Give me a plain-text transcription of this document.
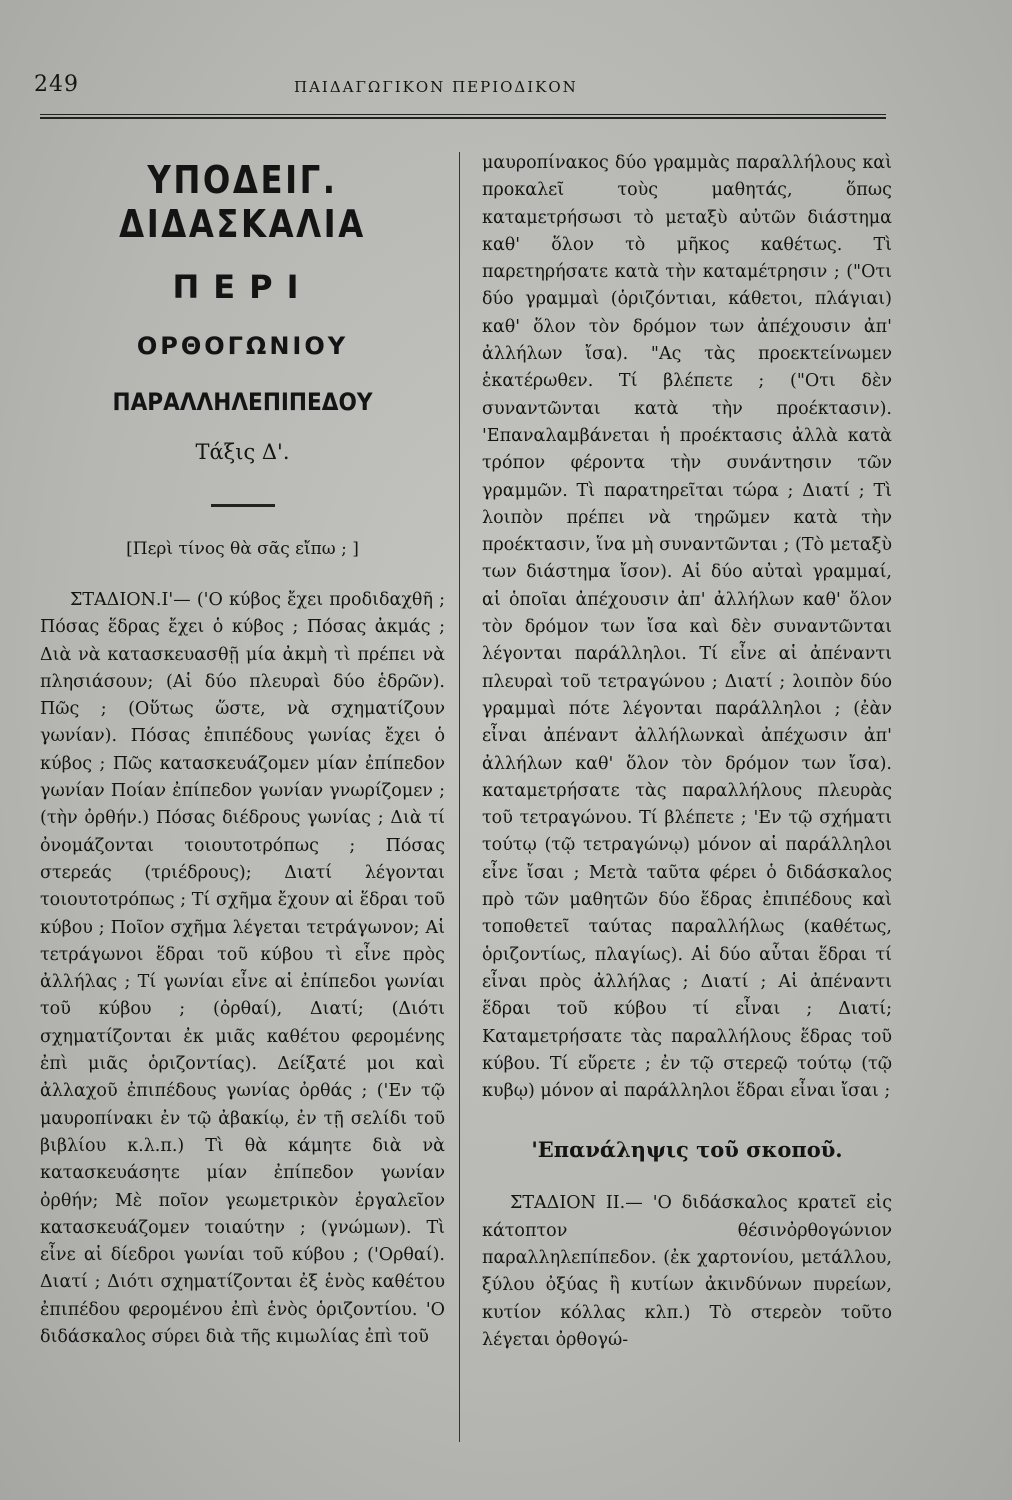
249	ΠΑΙΔΑΓΩΓΙΚΟΝ ΠΕΡΙΟΔΙΚΟΝ

ΥΠΟΔΕΙΓ. ΔΙΔΑΣΚΑΛΙΑ

ΠΕΡΙ

ΟΡΘΟΓΩΝΙΟΥ

ΠΑΡΑΛΛΗΛΕΠΙΠΕΔΟΥ

Τάξις Δ'.

[Περὶ τίνος θὰ σᾶς εἴπω ; ]

ΣΤΑΔΙΟΝ.Ι'— ('Ο κύβος ἔχει προδιδαχθῆ ; Πόσας ἕδρας ἔχει ὁ κύβος ; Πόσας ἀκμάς ; Διὰ νὰ κατασκευασθῇ μία ἀκμὴ τὶ πρέπει νὰ πλησιάσουν; (Αἱ δύο πλευραὶ δύο ἑδρῶν). Πῶς ; (Οὕτως ὥστε, νὰ σχηματίζουν γωνίαν). Πόσας ἐπιπέδους γωνίας ἔχει ὁ κύβος ; Πῶς κατασκευάζομεν μίαν ἐπίπεδον γωνίαν Ποίαν ἐπίπεδον γωνίαν γνωρίζομεν ; (τὴν ὀρθήν.) Πόσας διέδρους γωνίας ; Διὰ τί ὀνομάζονται τοιουτοτρόπως ; Πόσας στερεάς (τριέδρους); Διατί λέγονται τοιουτοτρόπως ; Τί σχῆμα ἔχουν αἱ ἕδραι τοῦ κύβου ; Ποῖον σχῆμα λέγεται τετράγωνον; Αἱ τετράγωνοι ἕδραι τοῦ κύβου τὶ εἶνε πρὸς ἀλλήλας ; Τί γωνίαι εἶνε αἱ ἐπίπεδοι γωνίαι τοῦ κύβου ; (ὀρθαί), Διατί; (Διότι σχηματίζονται ἐκ μιᾶς καθέτου φερομένης ἐπὶ μιᾶς ὁριζοντίας). Δείξατέ μοι καὶ ἀλλαχοῦ ἐπιπέδους γωνίας ὀρθάς ; ('Εν τῷ μαυροπίνακι ἐν τῷ ἀβακίῳ, ἐν τῇ σελίδι τοῦ βιβλίου κ.λ.π.) Τὶ θὰ κάμητε διὰ νὰ κατασκευάσητε μίαν ἐπίπεδον γωνίαν ὀρθήν; Μὲ ποῖον γεωμετρικὸν ἐργαλεῖον κατασκευάζομεν τοιαύτην ; (γνώμων). Τὶ εἶνε αἱ δίεδροι γωνίαι τοῦ κύβου ; ('Ορθαί). Διατί ; Διότι σχηματίζονται ἐξ ἑνὸς καθέτου ἐπιπέδου φερομένου ἐπὶ ἑνὸς ὁριζοντίου. 'Ο διδάσκαλος σύρει διὰ τῆς κιμωλίας ἐπὶ τοῦ

μαυροπίνακος δύο γραμμὰς παραλλήλους καὶ προκαλεῖ τοὺς μαθητάς, ὅπως καταμετρήσωσι τὸ μεταξὺ αὐτῶν διάστημα καθ' ὅλον τὸ μῆκος καθέτως. Τὶ παρετηρήσατε κατὰ τὴν καταμέτρησιν ; ("Οτι δύο γραμμαὶ (ὁριζόντιαι, κάθετοι, πλάγιαι) καθ' ὅλον τὸν δρόμον των ἀπέχουσιν ἀπ' ἀλλήλων ἴσα). "Ας τὰς προεκτείνωμεν ἑκατέρωθεν. Τί βλέπετε ; ("Οτι δὲν συναντῶνται κατὰ τὴν προέκτασιν). 'Επαναλαμβάνεται ἡ προέκτασις ἀλλὰ κατὰ τρόπον φέροντα τὴν συνάντησιν τῶν γραμμῶν. Τὶ παρατηρεῖται τώρα ; Διατί ; Τὶ λοιπὸν πρέπει νὰ τηρῶμεν κατὰ τὴν προέκτασιν, ἵνα μὴ συναντῶνται ; (Τὸ μεταξὺ των διάστημα ἴσον). Αἱ δύο αὐταὶ γραμμαί, αἱ ὁποῖαι ἀπέχουσιν ἀπ' ἀλλήλων καθ' ὅλον τὸν δρόμον των ἴσα καὶ δὲν συναντῶνται λέγονται παράλληλοι. Τί εἶνε αἱ ἀπέναντι πλευραὶ τοῦ τετραγώνου ; Διατί ; λοιπὸν δύο γραμμαὶ πότε λέγονται παράλληλοι ; (ἐὰν εἶναι ἀπέναντ ἀλλήλωνκαὶ ἀπέχωσιν ἀπ' ἀλλήλων καθ' ὅλον τὸν δρόμον των ἴσα). καταμετρήσατε τὰς παραλλήλους πλευρὰς τοῦ τετραγώνου. Τί βλέπετε ; 'Εν τῷ σχήματι τούτῳ (τῷ τετραγώνῳ) μόνον αἱ παράλληλοι εἶνε ἴσαι ; Μετὰ ταῦτα φέρει ὁ διδάσκαλος πρὸ τῶν μαθητῶν δύο ἕδρας ἐπιπέδους καὶ τοποθετεῖ ταύτας παραλλήλως (καθέτως, ὁριζοντίως, πλαγίως). Αἱ δύο αὗται ἕδραι τί εἶναι πρὸς ἀλλήλας ; Διατί ; Αἱ ἀπέναντι ἕδραι τοῦ κύβου τί εἶναι ; Διατί; Καταμετρήσατε τὰς παραλλήλους ἕδρας τοῦ κύβου. Τί εὕρετε ; ἐν τῷ στερεῷ τούτῳ (τῷ κυβῳ) μόνον αἱ παράλληλοι ἕδραι εἶναι ἴσαι ;

'Επανάληψις τοῦ σκοποῦ.

ΣΤΑΔΙΟΝ ΙΙ.— 'Ο διδάσκαλος κρατεῖ εἰς κάτοπτον θέσινὀρθογώνιον παραλληλεπίπεδον. (ἐκ χαρτονίου, μετάλλου, ξύλου ὀξύας ἢ κυτίων ἀκινδύνων πυρείων, κυτίον κόλλας κλπ.) Τὸ στερεὸν τοῦτο λέγεται ὀρθογώ-
